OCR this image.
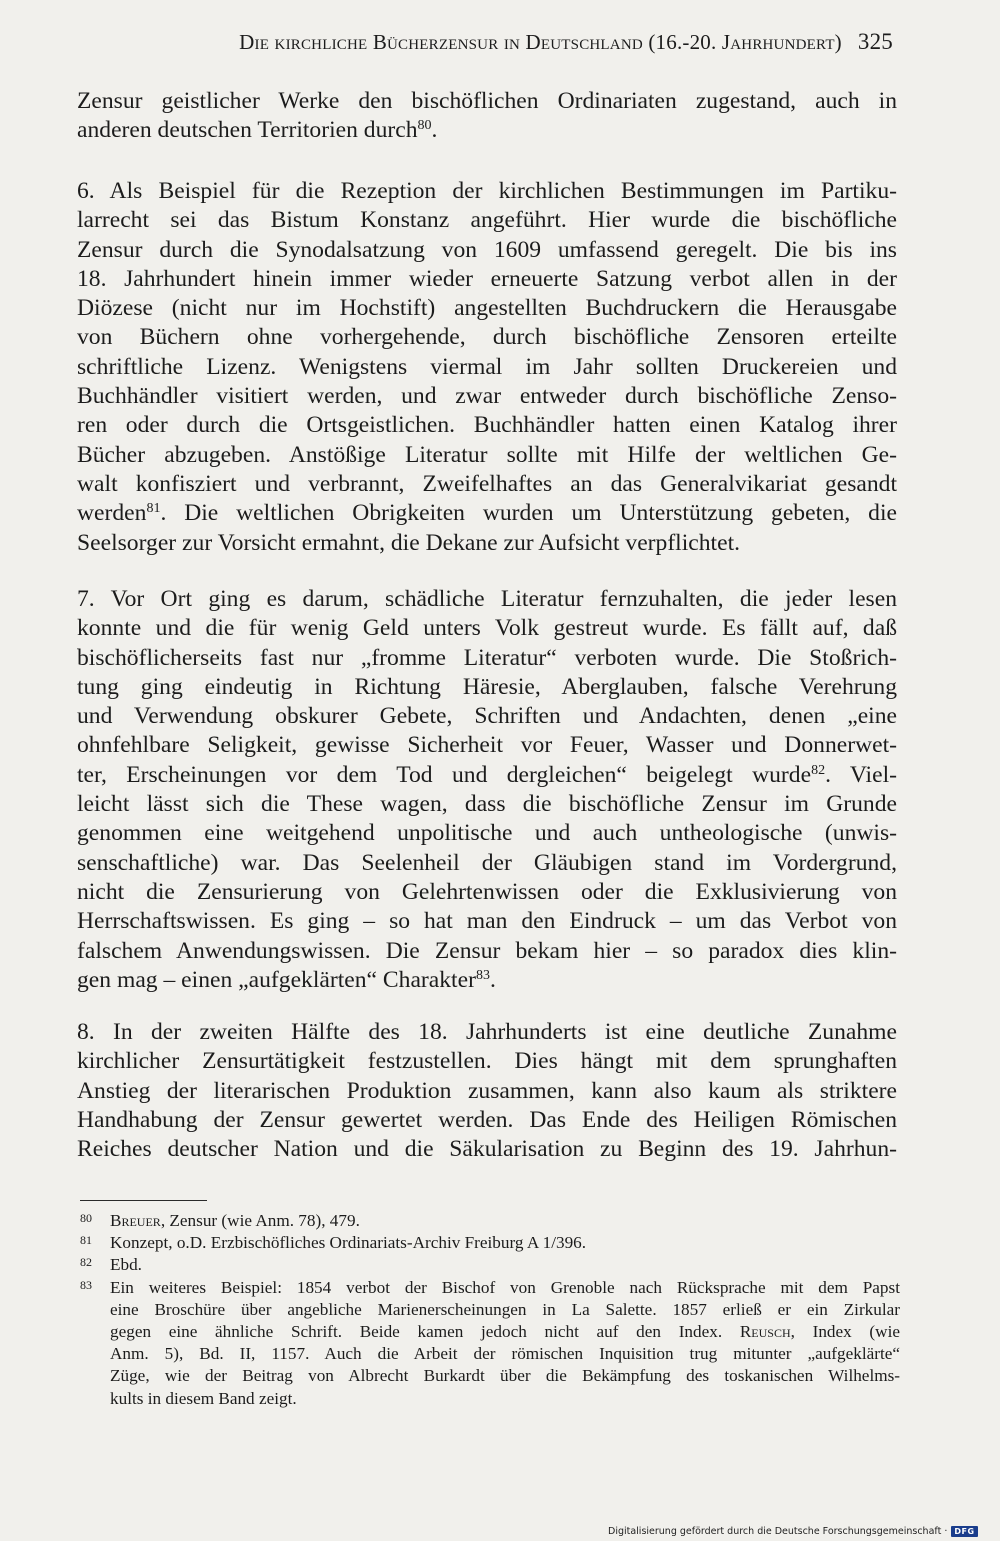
Die kirchliche Bücherzensur in Deutschland (16.-20. Jahrhundert) 325

Zensur geistlicher Werke den bischöflichen Ordinariaten zugestand, auch in
anderen deutschen Territorien durch$^{80}$.

6. Als Beispiel für die Rezeption der kirchlichen Bestimmungen im Partiku-
larrecht sei das Bistum Konstanz angeführt. Hier wurde die bischöfliche
Zensur durch die Synodalsatzung von 1609 umfassend geregelt. Die bis ins
18. Jahrhundert hinein immer wieder erneuerte Satzung verbot allen in der
Diözese (nicht nur im Hochstift) angestellten Buchdruckern die Herausgabe
von Büchern ohne vorhergehende, durch bischöfliche Zensoren erteilte
schriftliche Lizenz. Wenigstens viermal im Jahr sollten Druckereien und
Buchhändler visitiert werden, und zwar entweder durch bischöfliche Zenso-
ren oder durch die Ortsgeistlichen. Buchhändler hatten einen Katalog ihrer
Bücher abzugeben. Anstößige Literatur sollte mit Hilfe der weltlichen Ge-
walt konfisziert und verbrannt, Zweifelhaftes an das Generalvikariat gesandt
werden$^{81}$. Die weltlichen Obrigkeiten wurden um Unterstützung gebeten, die
Seelsorger zur Vorsicht ermahnt, die Dekane zur Aufsicht verpflichtet.

7. Vor Ort ging es darum, schädliche Literatur fernzuhalten, die jeder lesen
konnte und die für wenig Geld unters Volk gestreut wurde. Es fällt auf, daß
bischöflicherseits fast nur „fromme Literatur“ verboten wurde. Die Stoßrich-
tung ging eindeutig in Richtung Häresie, Aberglauben, falsche Verehrung
und Verwendung obskurer Gebete, Schriften und Andachten, denen „eine
ohnfehlbare Seligkeit, gewisse Sicherheit vor Feuer, Wasser und Donnerwet-
ter, Erscheinungen vor dem Tod und dergleichen“ beigelegt wurde$^{82}$. Viel-
leicht lässt sich die These wagen, dass die bischöfliche Zensur im Grunde
genommen eine weitgehend unpolitische und auch untheologische (unwis-
senschaftliche) war. Das Seelenheil der Gläubigen stand im Vordergrund,
nicht die Zensurierung von Gelehrtenwissen oder die Exklusivierung von
Herrschaftswissen. Es ging – so hat man den Eindruck – um das Verbot von
falschem Anwendungswissen. Die Zensur bekam hier – so paradox dies klin-
gen mag – einen „aufgeklärten“ Charakter$^{83}$.

8. In der zweiten Hälfte des 18. Jahrhunderts ist eine deutliche Zunahme
kirchlicher Zensurtätigkeit festzustellen. Dies hängt mit dem sprunghaften
Anstieg der literarischen Produktion zusammen, kann also kaum als striktere
Handhabung der Zensur gewertet werden. Das Ende des Heiligen Römischen
Reiches deutscher Nation und die Säkularisation zu Beginn des 19. Jahrhun-

80 Breuer, Zensur (wie Anm. 78), 479.
81 Konzept, o.D. Erzbischöfliches Ordinariats-Archiv Freiburg A 1/396.
82 Ebd.
83 Ein weiteres Beispiel: 1854 verbot der Bischof von Grenoble nach Rücksprache mit dem Papst
eine Broschüre über angebliche Marienerscheinungen in La Salette. 1857 erließ er ein Zirkular
gegen eine ähnliche Schrift. Beide kamen jedoch nicht auf den Index. Reusch, Index (wie
Anm. 5), Bd. II, 1157. Auch die Arbeit der römischen Inquisition trug mitunter „aufgeklärte“
Züge, wie der Beitrag von Albrecht Burkardt über die Bekämpfung des toskanischen Wilhelms-
kults in diesem Band zeigt.
Digitalisierung gefördert durch die Deutsche Forschungsgemeinschaft · DFG
